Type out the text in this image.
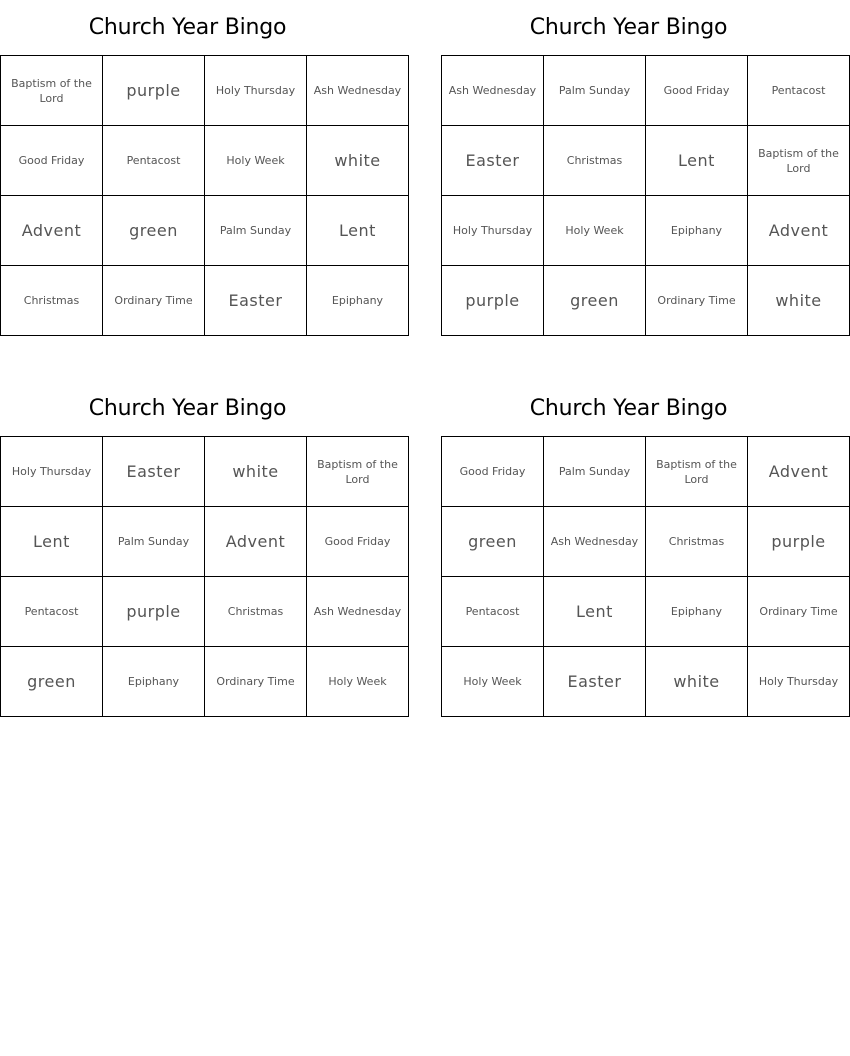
Church Year Bingo
Baptism of the Lord	purple	Holy Thursday	Ash Wednesday
Good Friday	Pentacost	Holy Week	white
Advent	green	Palm Sunday	Lent
Christmas	Ordinary Time	Easter	Epiphany
Church Year Bingo
Ash Wednesday	Palm Sunday	Good Friday	Pentacost
Easter	Christmas	Lent	Baptism of the Lord
Holy Thursday	Holy Week	Epiphany	Advent
purple	green	Ordinary Time	white
Church Year Bingo
Holy Thursday	Easter	white	Baptism of the Lord
Lent	Palm Sunday	Advent	Good Friday
Pentacost	purple	Christmas	Ash Wednesday
green	Epiphany	Ordinary Time	Holy Week
Church Year Bingo
Good Friday	Palm Sunday	Baptism of the Lord	Advent
green	Ash Wednesday	Christmas	purple
Pentacost	Lent	Epiphany	Ordinary Time
Holy Week	Easter	white	Holy Thursday
